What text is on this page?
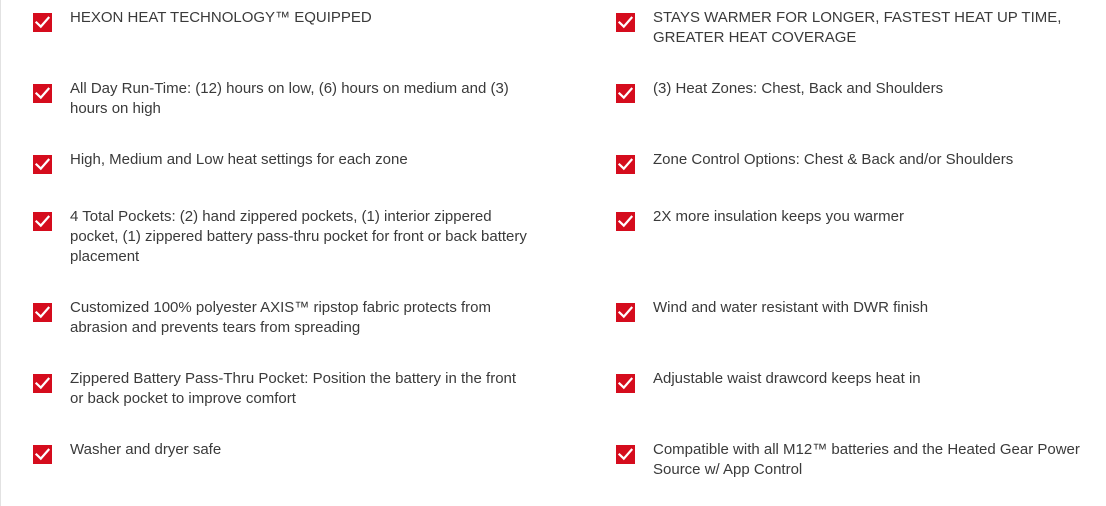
HEXON HEAT TECHNOLOGY™ EQUIPPED
All Day Run-Time: (12) hours on low, (6) hours on medium and (3) hours on high
High, Medium and Low heat settings for each zone
4 Total Pockets: (2) hand zippered pockets, (1) interior zippered pocket, (1) zippered battery pass-thru pocket for front or back battery placement
Customized 100% polyester AXIS™ ripstop fabric protects from abrasion and prevents tears from spreading
Zippered Battery Pass-Thru Pocket: Position the battery in the front or back pocket to improve comfort
Washer and dryer safe
STAYS WARMER FOR LONGER, FASTEST HEAT UP TIME, GREATER HEAT COVERAGE
(3) Heat Zones: Chest, Back and Shoulders
Zone Control Options: Chest & Back and/or Shoulders
2X more insulation keeps you warmer
Wind and water resistant with DWR finish
Adjustable waist drawcord keeps heat in
Compatible with all M12™ batteries and the Heated Gear Power Source w/ App Control
